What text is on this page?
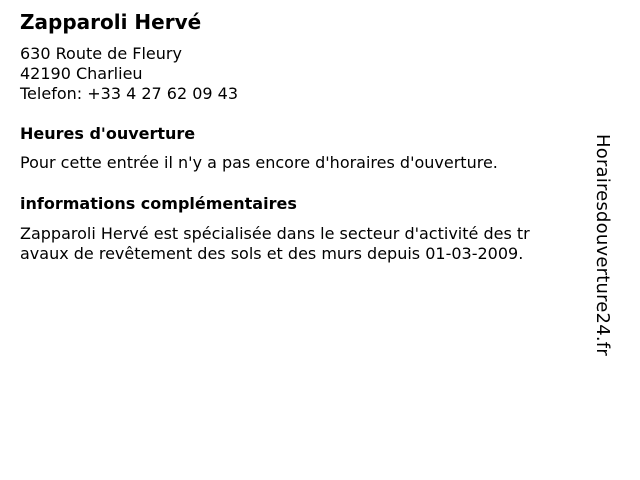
Zapparoli Hervé
630 Route de Fleury
42190 Charlieu
Telefon: +33 4 27 62 09 43
Heures d'ouverture
Pour cette entrée il n'y a pas encore d'horaires d'ouverture.
informations complémentaires
Zapparoli Hervé est spécialisée dans le secteur d'activité des tr
avaux de revêtement des sols et des murs depuis 01-03-2009.	Horairesdouverture24.fr
